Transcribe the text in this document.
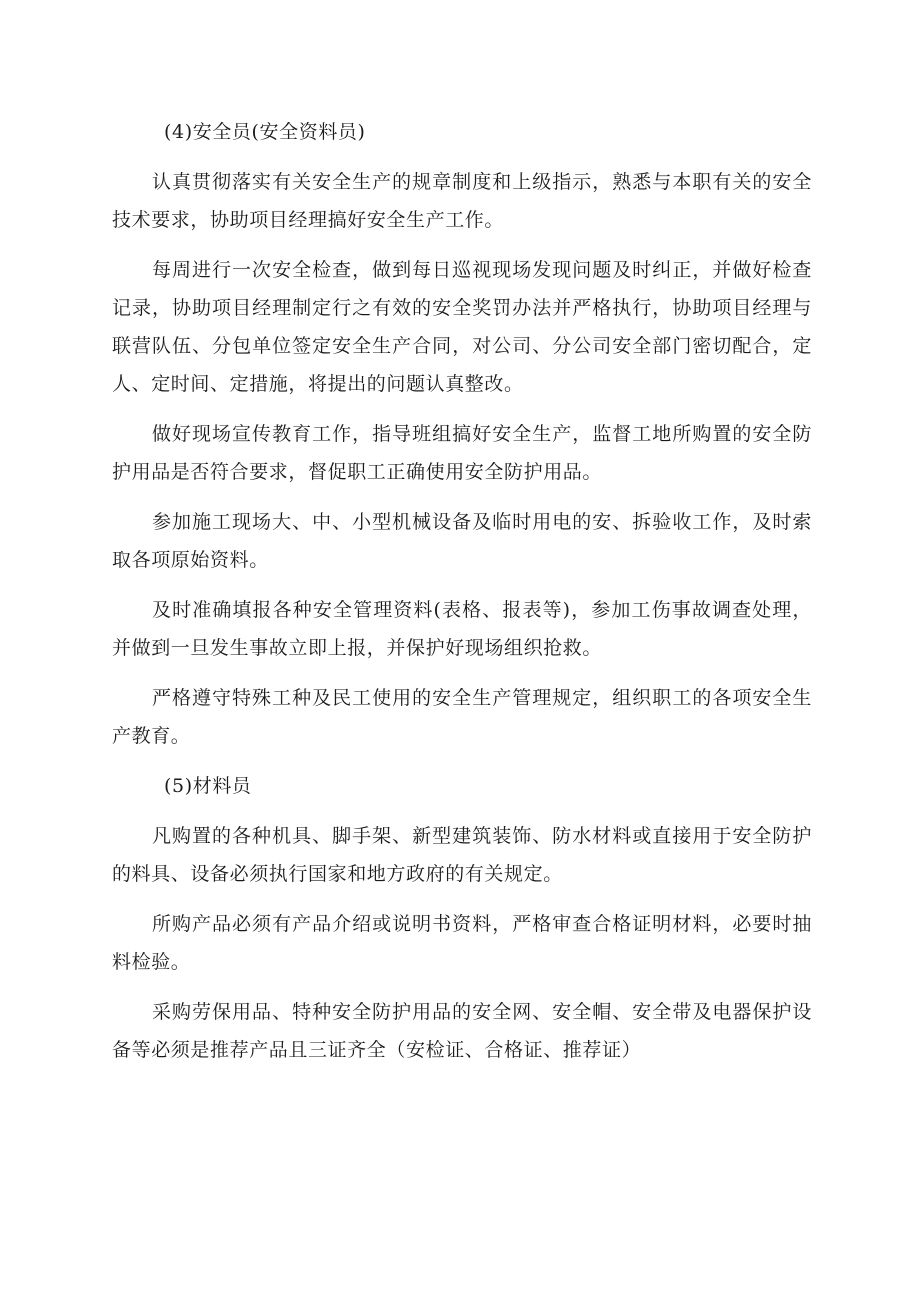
(4)安全员(安全资料员)

认真贯彻落实有关安全生产的规章制度和上级指示，熟悉与本职有关的安全技术要求，协助项目经理搞好安全生产工作。

每周进行一次安全检查，做到每日巡视现场发现问题及时纠正，并做好检查记录，协助项目经理制定行之有效的安全奖罚办法并严格执行，协助项目经理与联营队伍、分包单位签定安全生产合同，对公司、分公司安全部门密切配合，定人、定时间、定措施，将提出的问题认真整改。

做好现场宣传教育工作，指导班组搞好安全生产，监督工地所购置的安全防护用品是否符合要求，督促职工正确使用安全防护用品。

参加施工现场大、中、小型机械设备及临时用电的安、拆验收工作，及时索取各项原始资料。

及时准确填报各种安全管理资料(表格、报表等)，参加工伤事故调查处理，并做到一旦发生事故立即上报，并保护好现场组织抢救。

严格遵守特殊工种及民工使用的安全生产管理规定，组织职工的各项安全生产教育。

(5)材料员

凡购置的各种机具、脚手架、新型建筑装饰、防水材料或直接用于安全防护的料具、设备必须执行国家和地方政府的有关规定。

所购产品必须有产品介绍或说明书资料，严格审查合格证明材料，必要时抽料检验。

采购劳保用品、特种安全防护用品的安全网、安全帽、安全带及电器保护设备等必须是推荐产品且三证齐全（安检证、合格证、推荐证）
